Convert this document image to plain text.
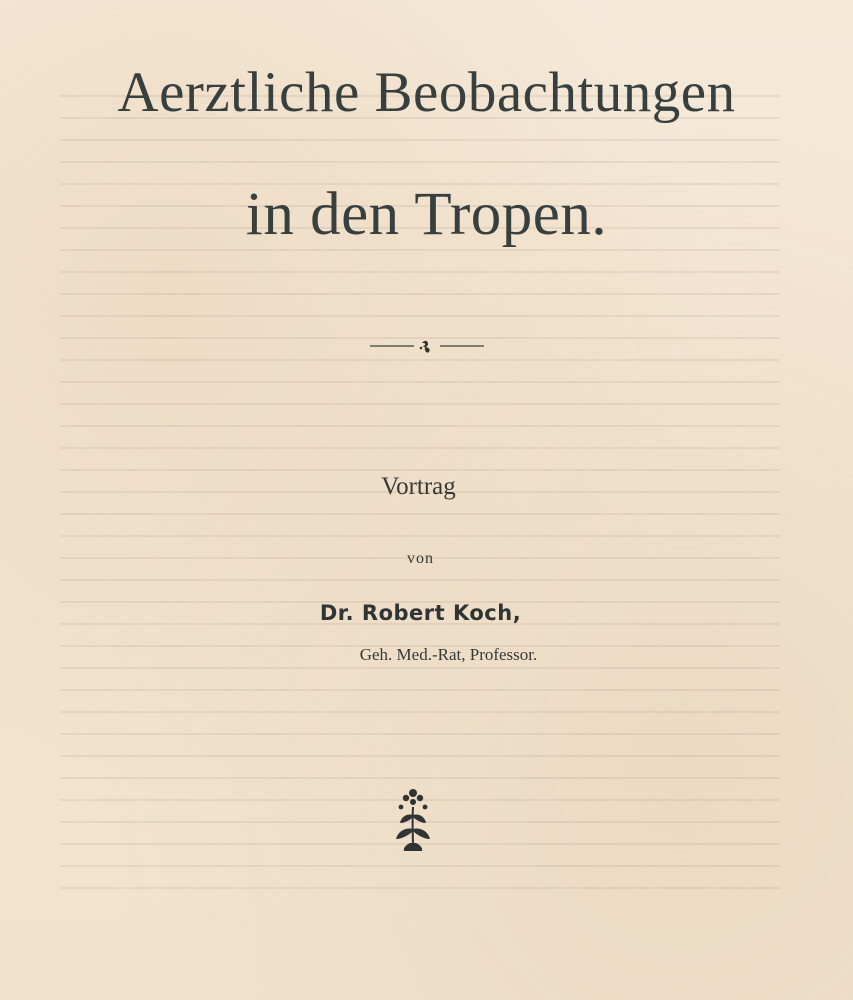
Aerztliche Beobachtungen
in den Tropen.
Vortrag
von
Dr. Robert Koch,
Geh. Med.-Rat, Professor.
